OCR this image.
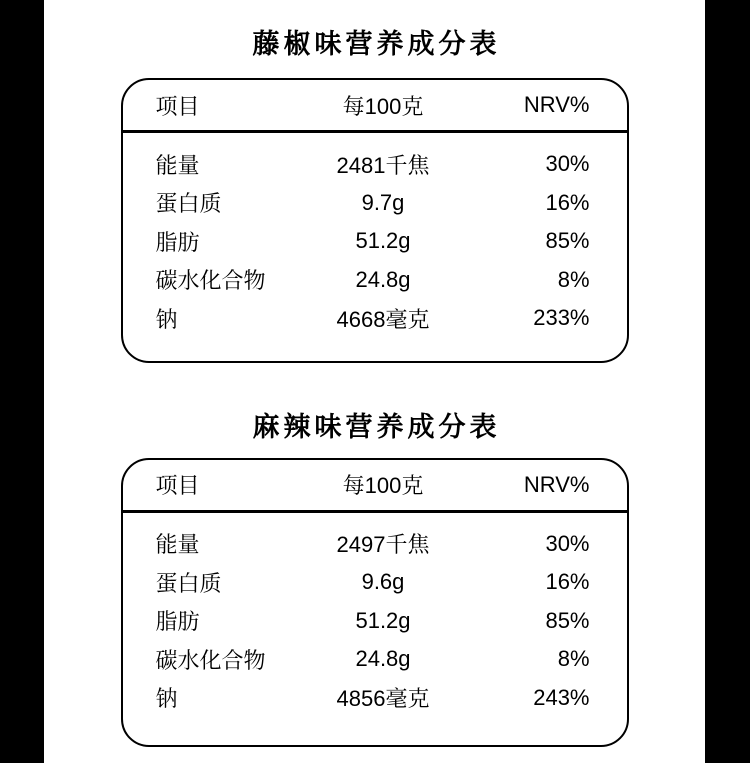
藤椒味营养成分表
项目	每100克	NRV%
能量	2481千焦	30%
蛋白质	9.7g	16%
脂肪	51.2g	85%
碳水化合物	24.8g	8%
钠	4668毫克	233%
麻辣味营养成分表
项目	每100克	NRV%
能量	2497千焦	30%
蛋白质	9.6g	16%
脂肪	51.2g	85%
碳水化合物	24.8g	8%
钠	4856毫克	243%
